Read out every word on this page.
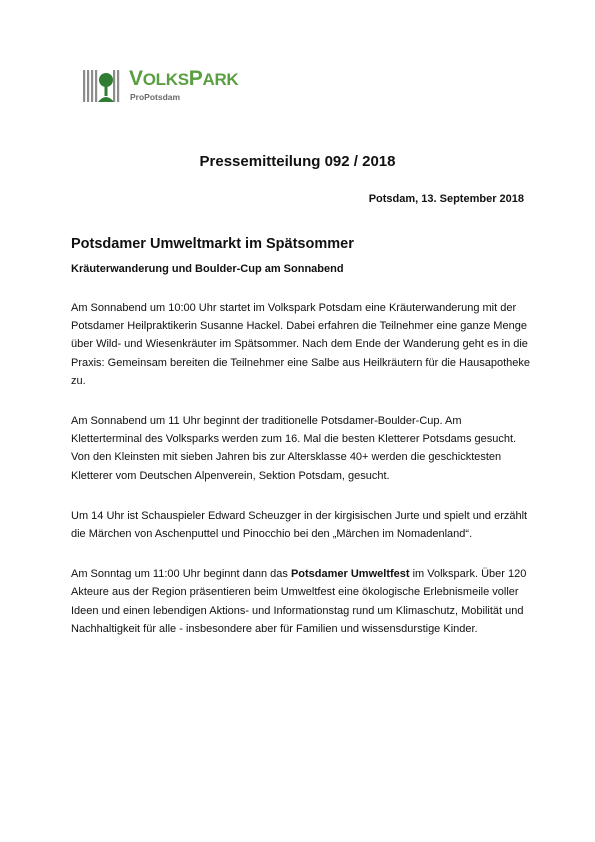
VOLKSPARK
ProPotsdam
Pressemitteilung 092 / 2018
Potsdam, 13. September 2018
Potsdamer Umweltmarkt im Spätsommer
Kräuterwanderung und Boulder-Cup am Sonnabend

Am Sonnabend um 10:00 Uhr startet im Volkspark Potsdam eine Kräuterwanderung mit der Potsdamer Heilpraktikerin Susanne Hackel. Dabei erfahren die Teilnehmer eine ganze Menge über Wild- und Wiesenkräuter im Spätsommer. Nach dem Ende der Wanderung geht es in die Praxis: Gemeinsam bereiten die Teilnehmer eine Salbe aus Heilkräutern für die Hausapotheke zu.

Am Sonnabend um 11 Uhr beginnt der traditionelle Potsdamer-Boulder-Cup. Am Kletterterminal des Volksparks werden zum 16. Mal die besten Kletterer Potsdams gesucht. Von den Kleinsten mit sieben Jahren bis zur Altersklasse 40+ werden die geschicktesten Kletterer vom Deutschen Alpenverein, Sektion Potsdam, gesucht.

Um 14 Uhr ist Schauspieler Edward Scheuzger in der kirgisischen Jurte und spielt und erzählt die Märchen von Aschenputtel und Pinocchio bei den „Märchen im Nomadenland“.

Am Sonntag um 11:00 Uhr beginnt dann das Potsdamer Umweltfest im Volkspark. Über 120 Akteure aus der Region präsentieren beim Umweltfest eine ökologische Erlebnismeile voller Ideen und einen lebendigen Aktions- und Informationstag rund um Klimaschutz, Mobilität und Nachhaltigkeit für alle - insbesondere aber für Familien und wissensdurstige Kinder.
